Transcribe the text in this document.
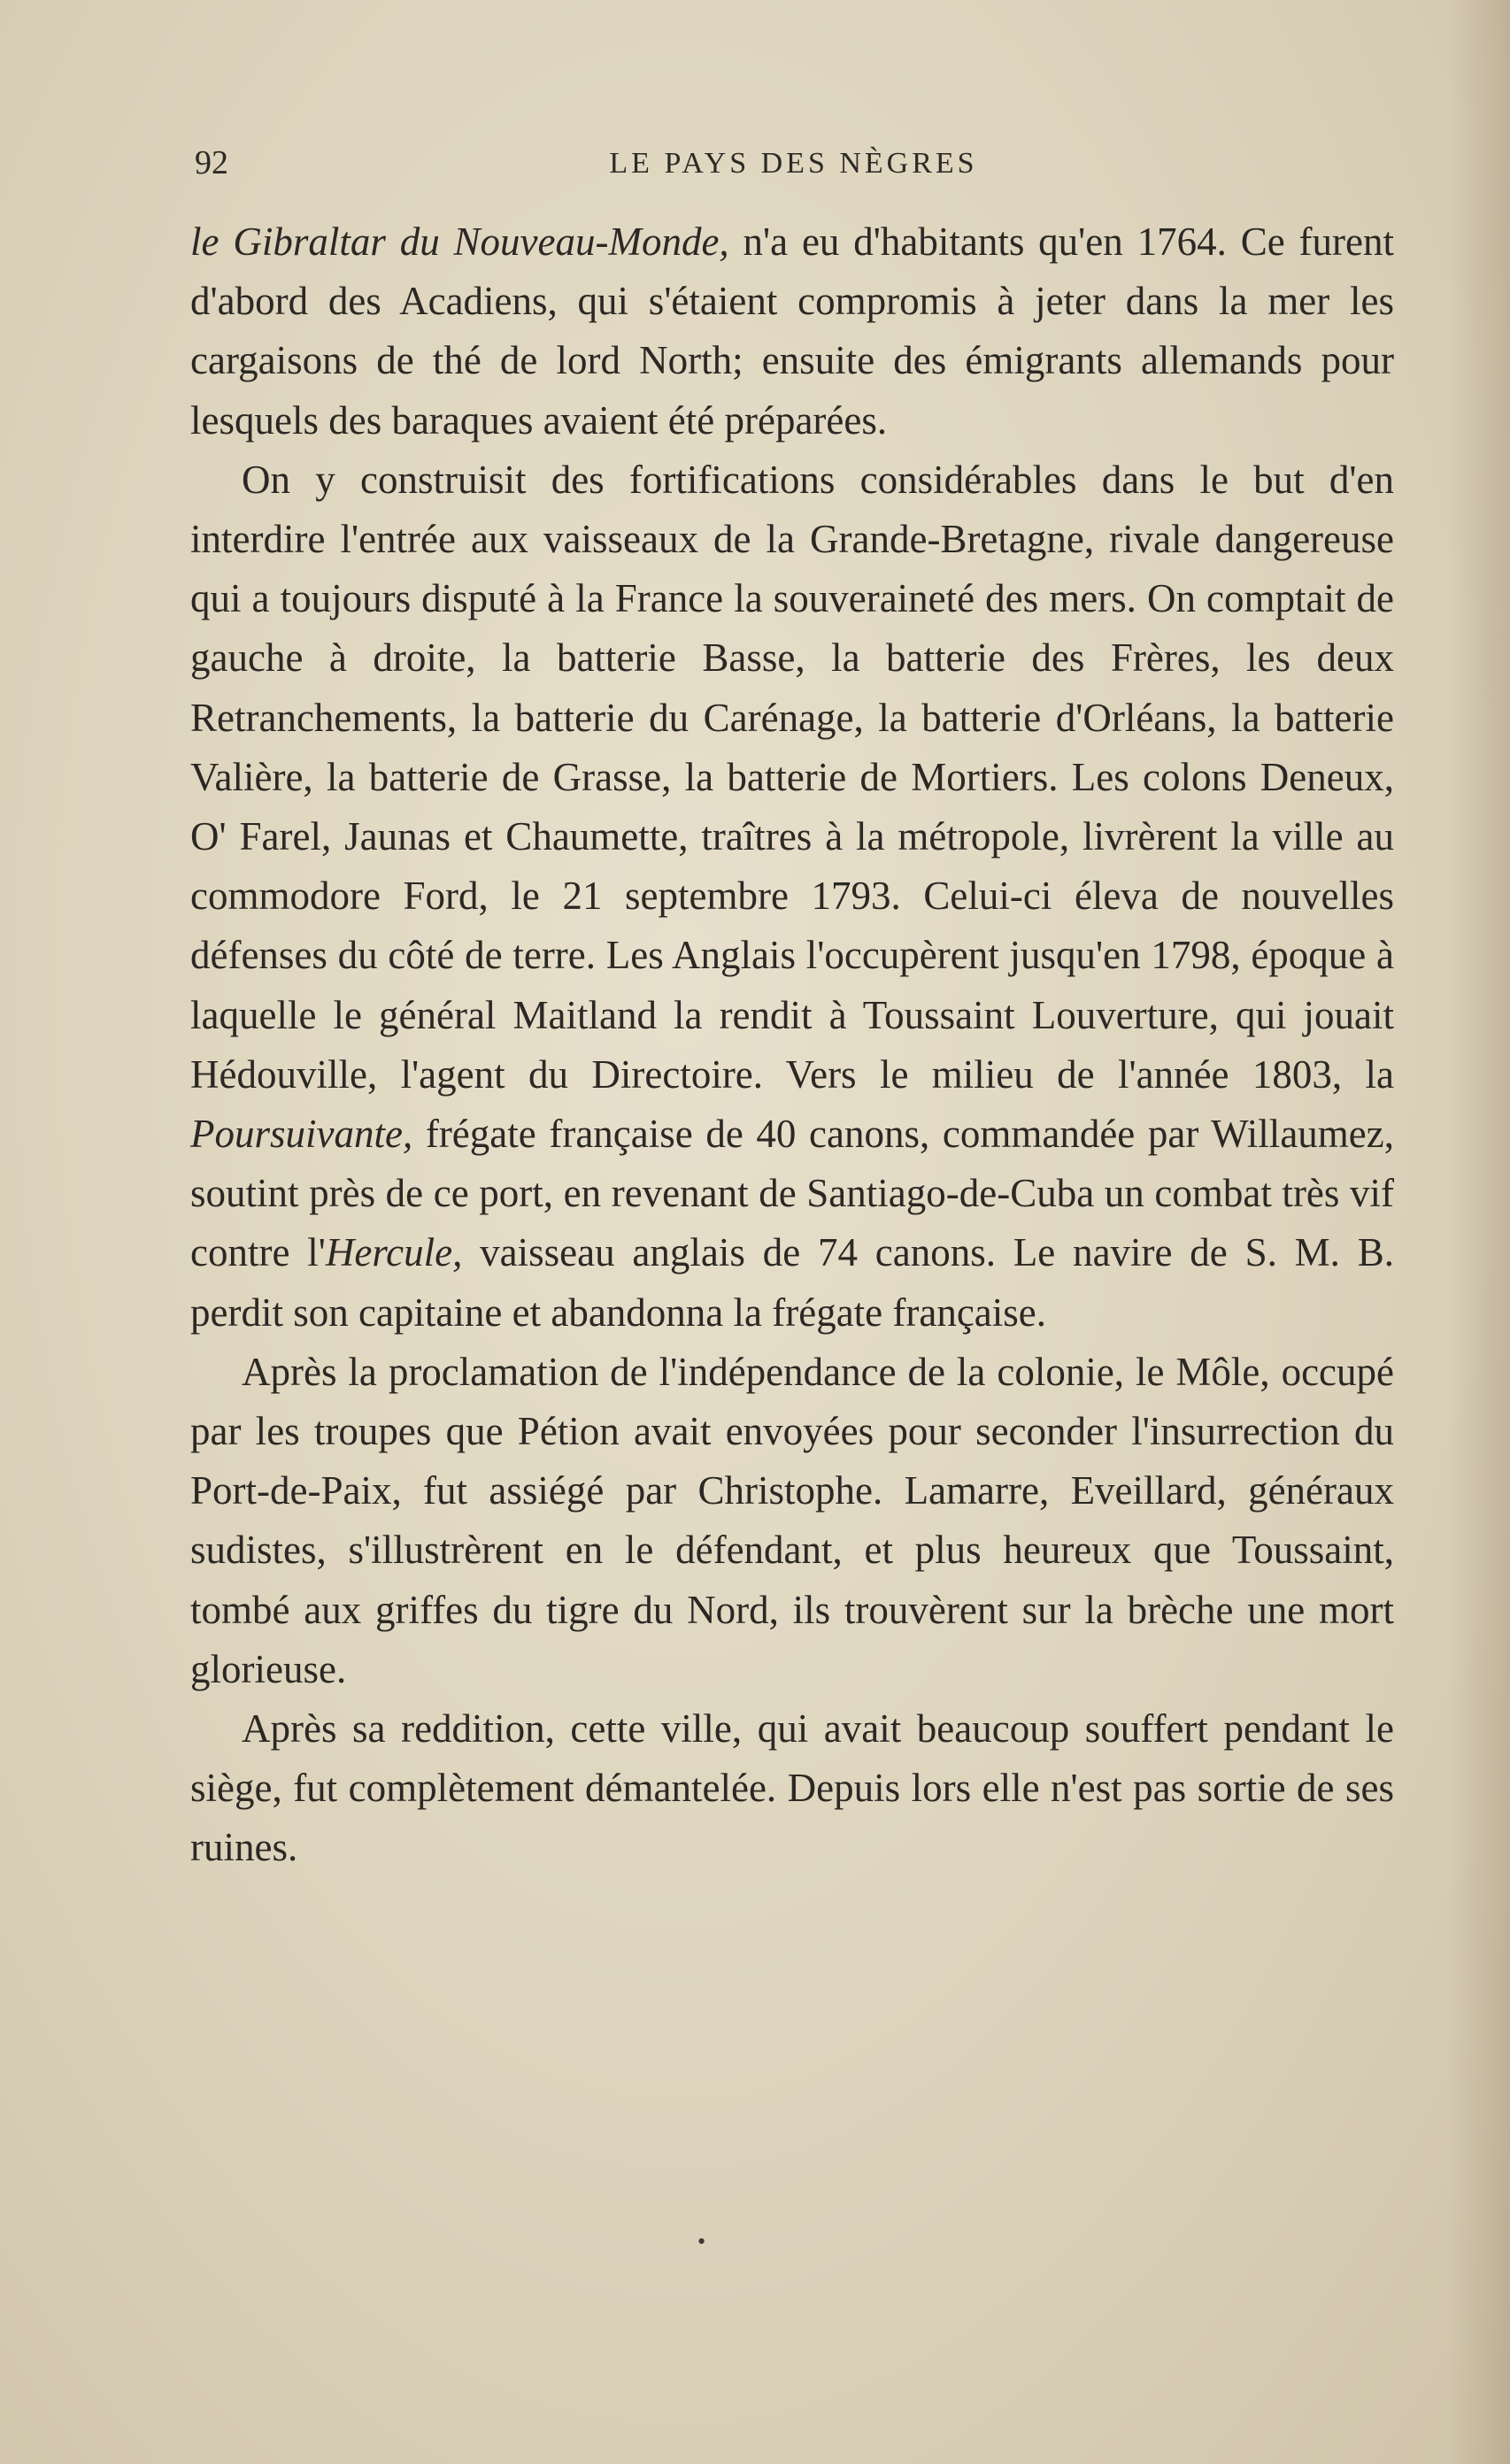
92	LE PAYS DES NÈGRES

le Gibraltar du Nouveau-Monde, n'a eu d'habitants qu'en 1764. Ce furent d'abord des Acadiens, qui s'étaient compromis à jeter dans la mer les cargaisons de thé de lord North; ensuite des émigrants allemands pour lesquels des baraques avaient été préparées.

On y construisit des fortifications considérables dans le but d'en interdire l'entrée aux vaisseaux de la Grande-Bretagne, rivale dangereuse qui a toujours disputé à la France la souveraineté des mers. On comptait de gauche à droite, la batterie Basse, la batterie des Frères, les deux Retranchements, la batterie du Carénage, la batterie d'Orléans, la batterie Valière, la batterie de Grasse, la batterie de Mortiers. Les colons Deneux, O' Farel, Jaunas et Chaumette, traîtres à la métropole, livrèrent la ville au commodore Ford, le 21 septembre 1793. Celui-ci éleva de nouvelles défenses du côté de terre. Les Anglais l'occupèrent jusqu'en 1798, époque à laquelle le général Maitland la rendit à Toussaint Louverture, qui jouait Hédouville, l'agent du Directoire. Vers le milieu de l'année 1803, la Poursuivante, frégate française de 40 canons, commandée par Willaumez, soutint près de ce port, en revenant de Santiago-de-Cuba un combat très vif contre l'Hercule, vaisseau anglais de 74 canons. Le navire de S. M. B. perdit son capitaine et abandonna la frégate française.

Après la proclamation de l'indépendance de la colonie, le Môle, occupé par les troupes que Pétion avait envoyées pour seconder l'insurrection du Port-de-Paix, fut assiégé par Christophe. Lamarre, Eveillard, généraux sudistes, s'illustrèrent en le défendant, et plus heureux que Toussaint, tombé aux griffes du tigre du Nord, ils trouvèrent sur la brèche une mort glorieuse.

Après sa reddition, cette ville, qui avait beaucoup souffert pendant le siège, fut complètement démantelée. Depuis lors elle n'est pas sortie de ses ruines.

•
